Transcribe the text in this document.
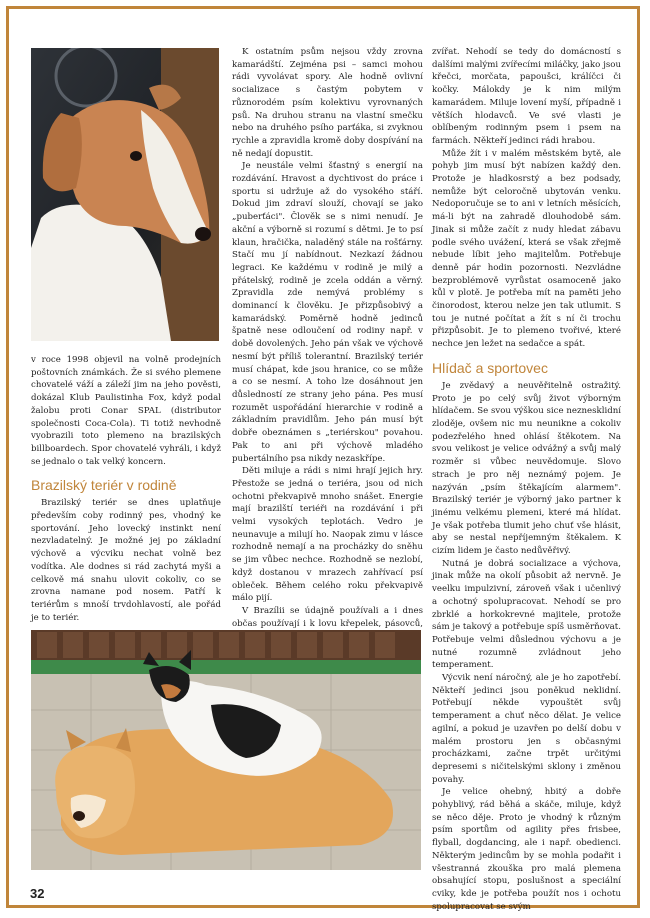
v roce 1998 objevil na volně prodejních poštovních známkách. Že si svého plemene chovatelé váží a záleží jim na jeho pověsti, dokázal Klub Paulistinha Fox, když podal žalobu proti Conar SPAL (distributor společnosti Coca-Cola). Ti totiž nevhodně vyobrazili toto plemeno na brazilských billboardech. Spor chovatelé vyhráli, i když se jednalo o tak velký koncern.

Brazilský teriér v rodině

Brazilský teriér se dnes uplatňuje především coby rodinný pes, vhodný ke sportování. Jeho lovecký instinkt není nezvladatelný. Je možné jej po základní výchově a výcviku nechat volně bez vodítka. Ale dodnes si rád zachytá myši a celkově má snahu ulovit cokoliv, co se zrovna namane pod nosem. Patří k teriérům s mnoší trvdohlavostí, ale pořád je to teriér.

K ostatním psům nejsou vždy zrovna kamarádští. Zejména psi – samci mohou rádi vyvolávat spory. Ale hodně ovlivní socializace s častým pobytem v různorodém psím kolektivu vyrovnaných psů. Na druhou stranu na vlastní smečku nebo na druhého psího parťáka, si zvyknou rychle a zpravidla kromě doby dospívání na ně nedají dopustit.

Je neustále velmi šťastný s energií na rozdávání. Hravost a dychtivost do práce i sportu si udržuje až do vysokého stáří. Dokud jim zdraví slouží, chovají se jako „puberťáci". Člověk se s nimi nenudí. Je akční a výborně si rozumí s dětmi. Je to psí klaun, hračička, naladěný stále na rošťárny. Stačí mu jí nabídnout. Nezkazí žádnou legraci. Ke každému v rodině je milý a přátelský, rodině je zcela oddán a věrný. Zpravidla zde nemývá problémy s dominancí k člověku. Je přizpůsobivý a kamarádský. Poměrně hodně jedinců špatně nese odloučení od rodiny např. v době dovolených. Jeho pán však ve výchově nesmí být příliš tolerantní. Brazilský teriér musí chápat, kde jsou hranice, co se může a co se nesmí. A toho lze dosáhnout jen důsledností ze strany jeho pána. Pes musí rozumět uspořádání hierarchie v rodině a základním pravidlům. Jeho pán musí být dobře obeznámen s „teriérskou" povahou. Pak to ani při výchově mladého pubertálního psa nikdy nezaskřípe.

Děti miluje a rádi s nimi hrají jejich hry. Přestože se jedná o teriéra, jsou od nich ochotni překvapivě mnoho snášet. Energie mají brazilští teriéři na rozdávání i při velmi vysokých teplotách. Vedro je neunavuje a milují ho. Naopak zimu v lásce rozhodně nemají a na procházky do sněhu se jim vůbec nechce. Rozhodně se nezlobí, když dostanou v mrazech zahřívací psí obleček. Během celého roku překvapivě málo pijí.

V Brazílii se údajně používali a i dnes občas používají i k lovu křepelek, pásovců,

zvířat. Nehodí se tedy do domácností s dalšími malými zvířecími miláčky, jako jsou křečci, morčata, papoušci, králíčci či kočky. Málokdy je k nim milým kamarádem. Miluje lovení myší, případně i větších hlodavců. Ve své vlasti je oblíbeným rodinným psem i psem na farmách. Někteří jedinci rádi hrabou.

Může žít i v malém městském bytě, ale pohyb jim musí být nabízen každý den. Protože je hladkosrstý a bez podsady, nemůže být celoročně ubytován venku. Nedoporučuje se to ani v letních měsících, má-li být na zahradě dlouhodobě sám. Jinak si může začít z nudy hledat zábavu podle svého uvážení, která se však zřejmě nebude líbit jeho majitelům. Potřebuje denně pár hodin pozornosti. Nezvládne bezproblémově vyrůstat osamoceně jako kůl v plotě. Je potřeba mít na paměti jeho činorodost, kterou nelze jen tak utlumit. S tou je nutné počítat a žít s ní či trochu přizpůsobit. Je to plemeno tvořivé, které nechce jen ležet na sedačce a spát.

Hlídač a sportovec

Je zvědavý a neuvěřitelně ostražitý. Proto je po celý svůj život výborným hlídačem. Se svou výškou sice neznesklidní zloděje, ovšem nic mu neunikne a cokoliv podezřelého hned ohlásí štěkotem. Na svou velikost je velice odvážný a svůj malý rozměr si vůbec neuvědomuje. Slovo strach je pro něj neznámý pojem. Je nazýván „psím štěkajícím alarmem". Brazilský teriér je výborný jako partner k jinému velkému plemeni, které má hlídat. Je však potřeba tlumit jeho chuť vše hlásit, aby se nestal nepříjemným štěkalem. K cizím lidem je často nedůvěřivý.

Nutná je dobrá socializace a výchova, jinak může na okolí působit až nervně. Je veelku impulzivní, zároveň však i učenlivý a ochotný spolupracovat. Nehodí se pro zbrklé a horkokrevné majitele, protože sám je takový a potřebuje spíš usměrňovat. Potřebuje velmi důslednou výchovu a je nutné rozumně zvládnout jeho temperament.

Výcvik není náročný, ale je ho zapotřebí. Někteří jedinci jsou poněkud neklidní. Potřebují někde vypouštět svůj temperament a chuť něco dělat. Je velice agilní, a pokud je uzavřen po delší dobu v malém prostoru jen s občasnými procházkami, začne trpět určitými depresemi s ničitelskými sklony i změnou povahy.

Je velice ohebný, hbitý a dobře pohyblivý, rád běhá a skáče, miluje, když se něco děje. Proto je vhodný k různým psím sportům od agility přes frisbee, flyball, dogdancing, ale i např. obedienci. Některým jedincům by se mohla podařit i všestranná zkouška pro malá plemena obsahující stopu, poslušnost a speciální cviky, kde je potřeba použít nos i ochotu spolupracovat se svým

32
